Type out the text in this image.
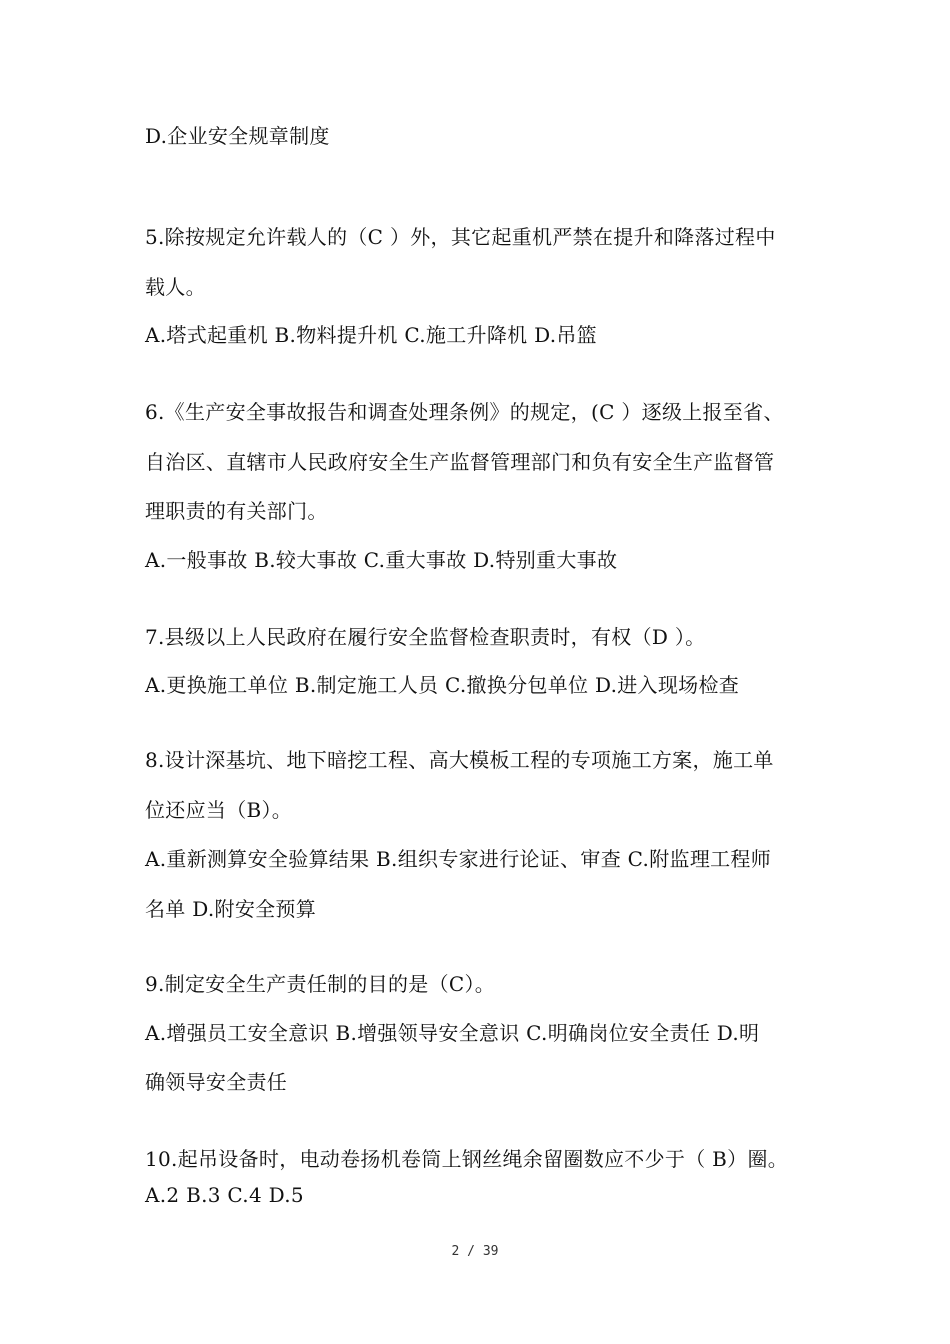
D.企业安全规章制度
5.除按规定允许载人的（C ）外，其它起重机严禁在提升和降落过程中
载人。
A.塔式起重机 B.物料提升机 C.施工升降机 D.吊篮
6.《生产安全事故报告和调查处理条例》的规定，(C ）逐级上报至省、
自治区、直辖市人民政府安全生产监督管理部门和负有安全生产监督管
理职责的有关部门。
A.一般事故 B.较大事故 C.重大事故 D.特别重大事故
7.县级以上人民政府在履行安全监督检查职责时，有权（D ）。
A.更换施工单位 B.制定施工人员 C.撤换分包单位 D.进入现场检查
8.设计深基坑、地下暗挖工程、高大模板工程的专项施工方案，施工单
位还应当（B）。
A.重新测算安全验算结果 B.组织专家进行论证、审查 C.附监理工程师
名单 D.附安全预算
9.制定安全生产责任制的目的是（C）。
A.增强员工安全意识 B.增强领导安全意识 C.明确岗位安全责任 D.明
确领导安全责任
10.起吊设备时，电动卷扬机卷筒上钢丝绳余留圈数应不少于（ B）圈。
A.2 B.3 C.4 D.5
2 / 39
